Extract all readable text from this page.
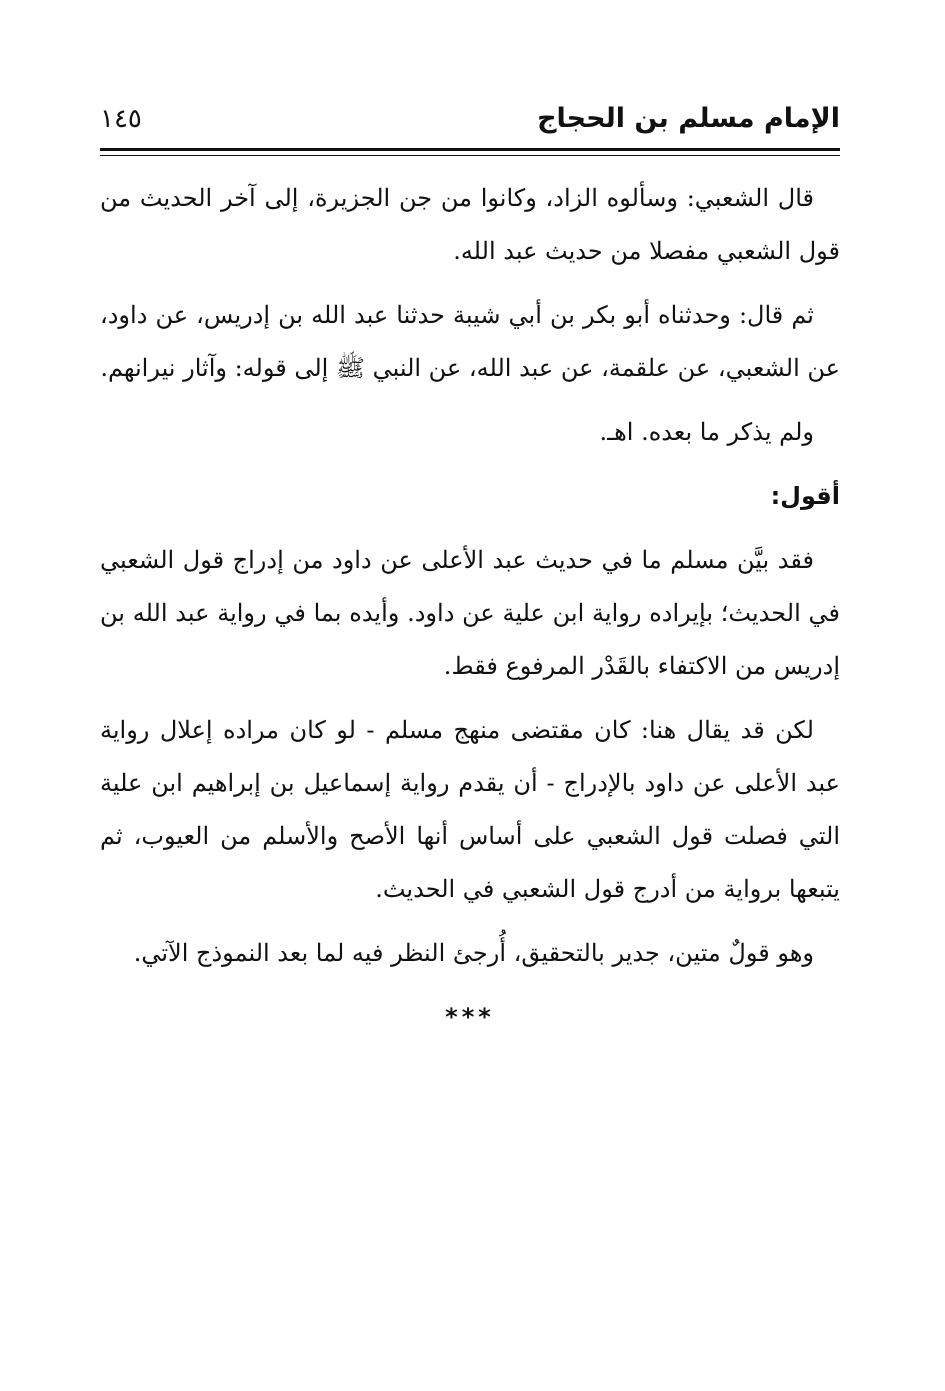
الإمام مسلم بن الحجاج
١٤٥

قال الشعبي: وسألوه الزاد، وكانوا من جن الجزيرة، إلى آخر الحديث من قول الشعبي مفصلا من حديث عبد الله.

ثم قال: وحدثناه أبو بكر بن أبي شيبة حدثنا عبد الله بن إدريس، عن داود، عن الشعبي، عن علقمة، عن عبد الله، عن النبي ﷺ إلى قوله: وآثار نيرانهم.

ولم يذكر ما بعده. اهـ.

أقول:

فقد بيَّن مسلم ما في حديث عبد الأعلى عن داود من إدراج قول الشعبي في الحديث؛ بإيراده رواية ابن علية عن داود. وأيده بما في رواية عبد الله بن إدريس من الاكتفاء بالقَدْر المرفوع فقط.

لكن قد يقال هنا: كان مقتضى منهج مسلم - لو كان مراده إعلال رواية عبد الأعلى عن داود بالإدراج - أن يقدم رواية إسماعيل بن إبراهيم ابن علية التي فصلت قول الشعبي على أساس أنها الأصح والأسلم من العيوب، ثم يتبعها برواية من أدرج قول الشعبي في الحديث.

وهو قولٌ متين، جدير بالتحقيق، أُرجئ النظر فيه لما بعد النموذج الآتي.

***
